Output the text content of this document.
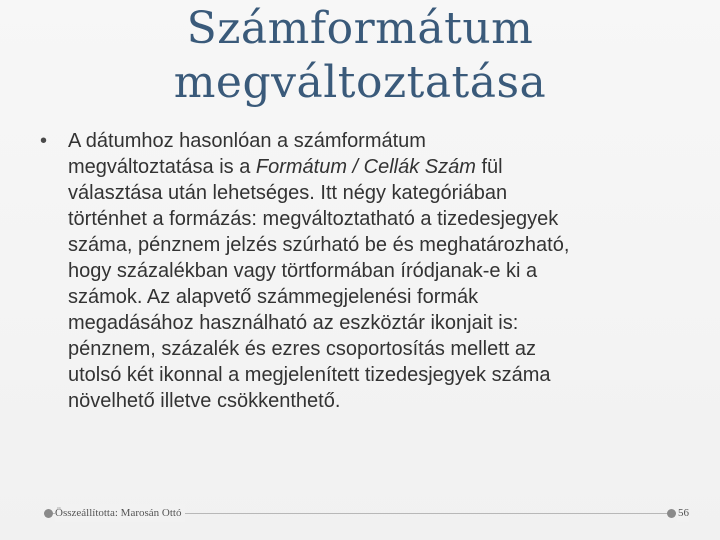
Számformátum
megváltoztatása
• A dátumhoz hasonlóan a számformátum
megváltoztatása is a Formátum / Cellák Szám fül
választása után lehetséges. Itt négy kategóriában
történhet a formázás: megváltoztatható a tizedesjegyek
száma, pénznem jelzés szúrható be és meghatározható,
hogy százalékban vagy törtformában íródjanak-e ki a
számok. Az alapvető számmegjelenési formák
megadásához használható az eszköztár ikonjait is:
pénznem, százalék és ezres csoportosítás mellett az
utolsó két ikonnal a megjelenített tizedesjegyek száma
növelhető illetve csökkenthető.
Összeállította: Marosán Ottó	56
